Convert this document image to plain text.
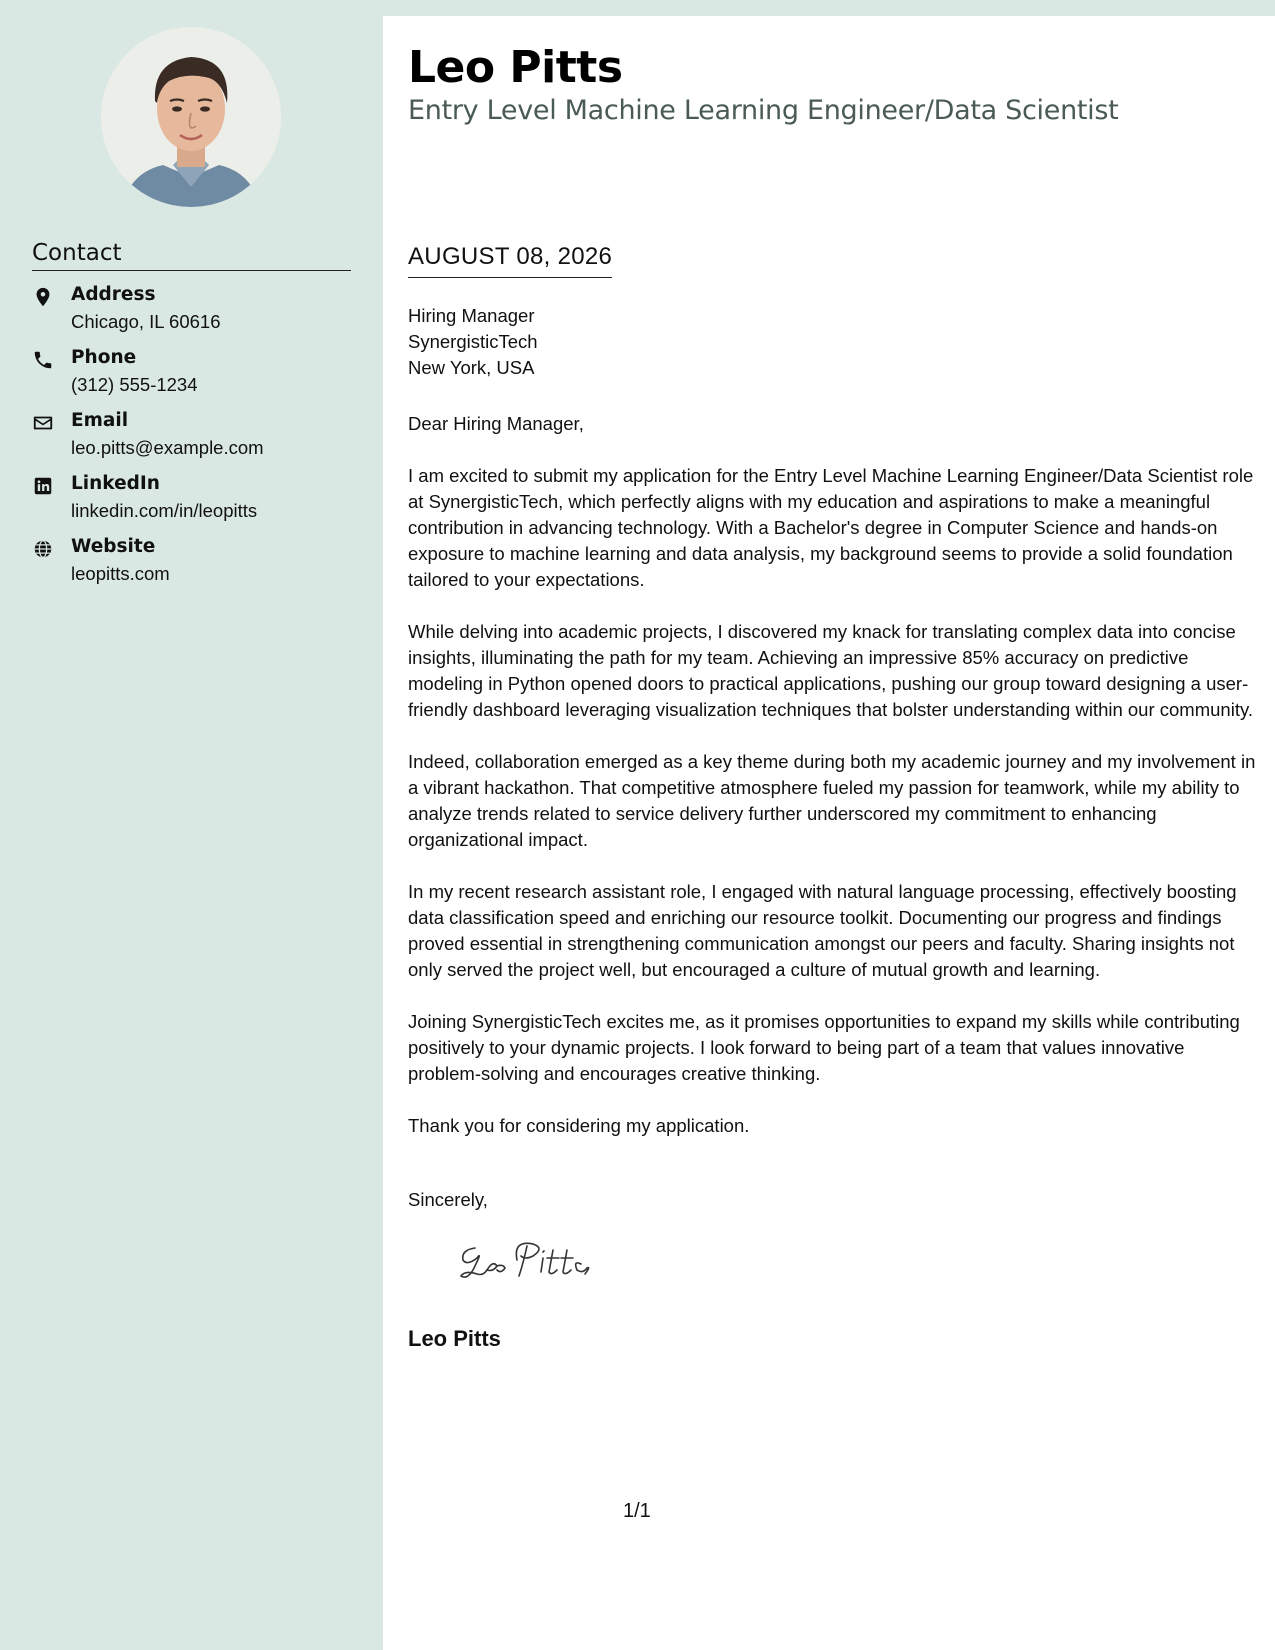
Contact
Address
Chicago, IL 60616
Phone
(312) 555-1234
Email
leo.pitts@example.com
LinkedIn
linkedin.com/in/leopitts
Website
leopitts.com
Leo Pitts
Entry Level Machine Learning Engineer/Data Scientist
AUGUST 08, 2026
Hiring Manager
SynergisticTech
New York, USA
Dear Hiring Manager,

I am excited to submit my application for the Entry Level Machine Learning Engineer/Data Scientist role at SynergisticTech, which perfectly aligns with my education and aspirations to make a meaningful contribution in advancing technology. With a Bachelor's degree in Computer Science and hands-on exposure to machine learning and data analysis, my background seems to provide a solid foundation tailored to your expectations.

While delving into academic projects, I discovered my knack for translating complex data into concise insights, illuminating the path for my team. Achieving an impressive 85% accuracy on predictive modeling in Python opened doors to practical applications, pushing our group toward designing a user-friendly dashboard leveraging visualization techniques that bolster understanding within our community.

Indeed, collaboration emerged as a key theme during both my academic journey and my involvement in a vibrant hackathon. That competitive atmosphere fueled my passion for teamwork, while my ability to analyze trends related to service delivery further underscored my commitment to enhancing organizational impact.

In my recent research assistant role, I engaged with natural language processing, effectively boosting data classification speed and enriching our resource toolkit. Documenting our progress and findings proved essential in strengthening communication amongst our peers and faculty. Sharing insights not only served the project well, but encouraged a culture of mutual growth and learning.

Joining SynergisticTech excites me, as it promises opportunities to expand my skills while contributing positively to your dynamic projects. I look forward to being part of a team that values innovative problem-solving and encourages creative thinking.

Thank you for considering my application.

Sincerely,
Leo Pitts
1/1
